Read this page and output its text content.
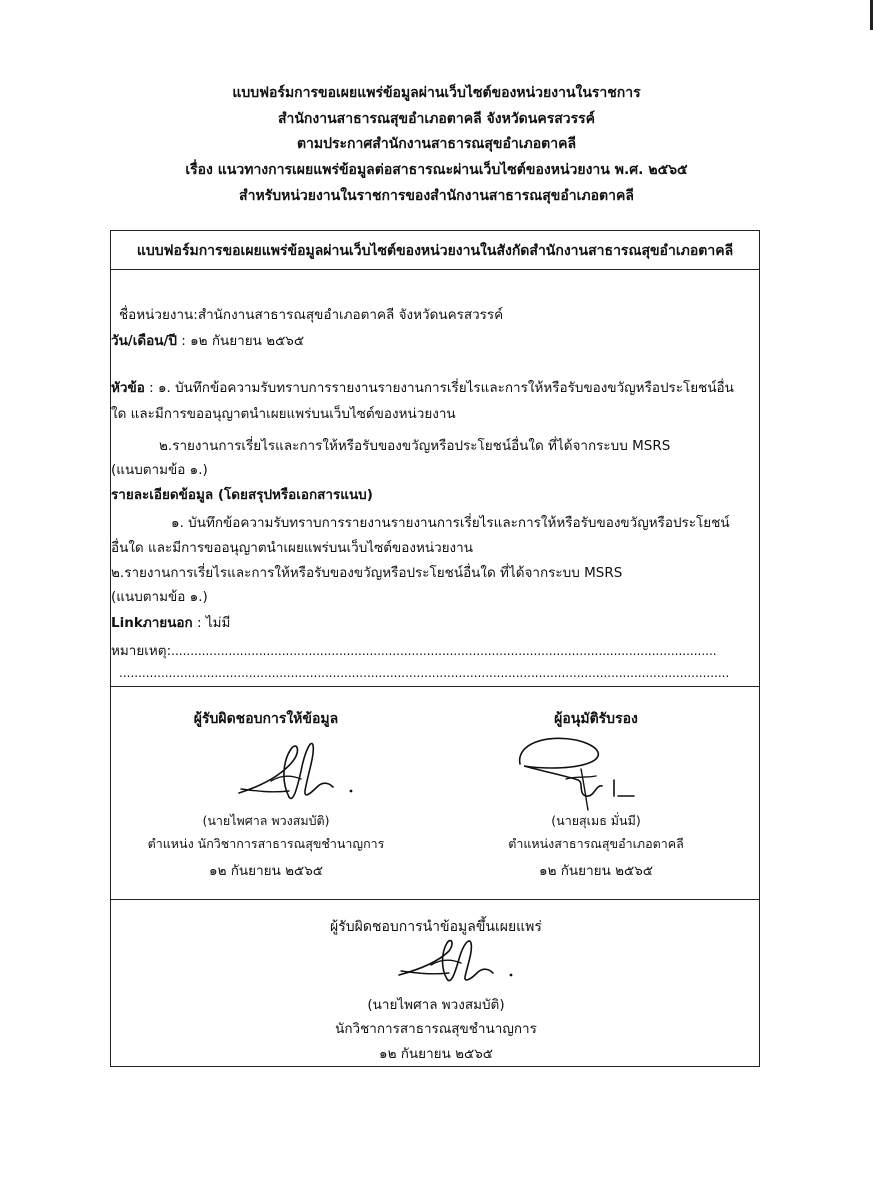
แบบฟอร์มการขอเผยแพร่ข้อมูลผ่านเว็บไซต์ของหน่วยงานในราชการ
สำนักงานสาธารณสุขอำเภอตาคลี จังหวัดนครสวรรค์
ตามประกาศสำนักงานสาธารณสุขอำเภอตาคลี
เรื่อง แนวทางการเผยแพร่ข้อมูลต่อสาธารณะผ่านเว็บไซต์ของหน่วยงาน พ.ศ. ๒๕๖๕
สำหรับหน่วยงานในราชการของสำนักงานสาธารณสุขอำเภอตาคลี
แบบฟอร์มการขอเผยแพร่ข้อมูลผ่านเว็บไซต์ของหน่วยงานในสังกัดสำนักงานสาธารณสุขอำเภอตาคลี
ชื่อหน่วยงาน:สำนักงานสาธารณสุขอำเภอตาคลี จังหวัดนครสวรรค์
วัน/เดือน/ปี : ๑๒ กันยายน ๒๕๖๕
หัวข้อ : ๑. บันทึกข้อความรับทราบการรายงานรายงานการเรี่ยไรและการให้หรือรับของขวัญหรือประโยชน์อื่น
ใด และมีการขออนุญาตนำเผยแพร่บนเว็บไซต์ของหน่วยงาน
๒.รายงานการเรี่ยไรและการให้หรือรับของขวัญหรือประโยชน์อื่นใด ที่ได้จากระบบ MSRS
(แนบตามข้อ ๑.)
รายละเอียดข้อมูล (โดยสรุปหรือเอกสารแนบ)
๑. บันทึกข้อความรับทราบการรายงานรายงานการเรี่ยไรและการให้หรือรับของขวัญหรือประโยชน์
อื่นใด และมีการขออนุญาตนำเผยแพร่บนเว็บไซต์ของหน่วยงาน
๒.รายงานการเรี่ยไรและการให้หรือรับของขวัญหรือประโยชน์อื่นใด ที่ได้จากระบบ MSRS
(แนบตามข้อ ๑.)
Linkภายนอก : ไม่มี
หมายเหตุ:...............................................................................................................................................
................................................................................................................................................................
ผู้รับผิดชอบการให้ข้อมูล
(นายไพศาล พวงสมบัติ)
ตำแหน่ง นักวิชาการสาธารณสุขชำนาญการ
๑๒ กันยายน ๒๕๖๕
ผู้อนุมัติรับรอง
(นายสุเมธ มั่นมี)
ตำแหน่งสาธารณสุขอำเภอตาคลี
๑๒ กันยายน ๒๕๖๕
ผู้รับผิดชอบการนำข้อมูลขึ้นเผยแพร่
(นายไพศาล พวงสมบัติ)
นักวิชาการสาธารณสุขชำนาญการ
๑๒ กันยายน ๒๕๖๕
